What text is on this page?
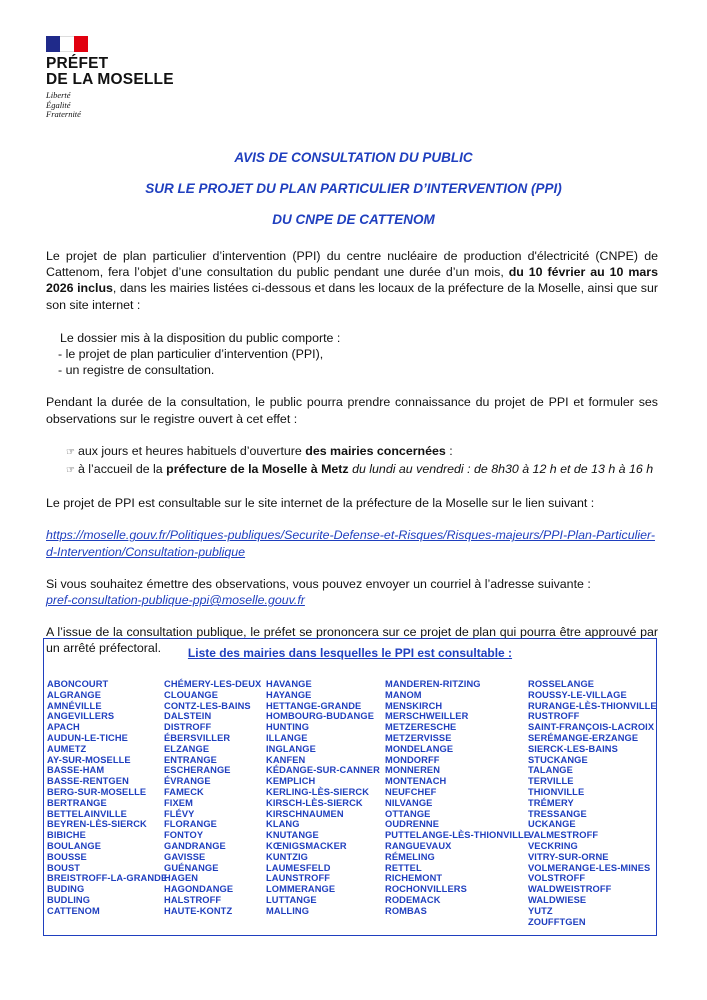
PRÉFET
DE LA MOSELLE
Liberté
Égalité
Fraternité
AVIS DE CONSULTATION DU PUBLIC
SUR LE PROJET DU PLAN PARTICULIER D’INTERVENTION (PPI)
DU CNPE DE CATTENOM

Le projet de plan particulier d’intervention (PPI) du centre nucléaire de production d'électricité (CNPE) de Cattenom, fera l’objet d’une consultation du public pendant une durée d’un mois, du 10 février au 10 mars 2026 inclus, dans les mairies listées ci-dessous et dans les locaux de la préfecture de la Moselle, ainsi que sur son site internet :

Le dossier mis à la disposition du public comporte :

- le projet de plan particulier d’intervention (PPI),

- un registre de consultation.

Pendant la durée de la consultation, le public pourra prendre connaissance du projet de PPI et formuler ses observations sur le registre ouvert à cet effet :

☞ aux jours et heures habituels d’ouverture des mairies concernées :

☞ à l’accueil de la préfecture de la Moselle à Metz du lundi au vendredi : de 8h30 à 12 h et de 13 h à 16 h

Le projet de PPI est consultable sur le site internet de la préfecture de la Moselle sur le lien suivant :

https://moselle.gouv.fr/Politiques-publiques/Securite-Defense-et-Risques/Risques-majeurs/PPI-Plan-Particulier-d-Intervention/Consultation-publique

Si vous souhaitez émettre des observations, vous pouvez envoyer un courriel à l’adresse suivante :

pref-consultation-publique-ppi@moselle.gouv.fr

A l’issue de la consultation publique, le préfet se prononcera sur ce projet de plan qui pourra être approuvé par un arrêté préfectoral.	Liste des mairies dans lesquelles le PPI est consultable :
ABONCOURT
ALGRANGE
AMNÉVILLE
ANGEVILLERS
APACH
AUDUN-LE-TICHE
AUMETZ
AY-SUR-MOSELLE
BASSE-HAM
BASSE-RENTGEN
BERG-SUR-MOSELLE
BERTRANGE
BETTELAINVILLE
BEYREN-LÈS-SIERCK
BIBICHE
BOULANGE
BOUSSE
BOUST
BREISTROFF-LA-GRANDE
BUDING
BUDLING
CATTENOM
CHÉMERY-LES-DEUX
CLOUANGE
CONTZ-LES-BAINS
DALSTEIN
DISTROFF
ÉBERSVILLER
ELZANGE
ENTRANGE
ESCHERANGE
ÉVRANGE
FAMECK
FIXEM
FLÉVY
FLORANGE
FONTOY
GANDRANGE
GAVISSE
GUÉNANGE
HAGEN
HAGONDANGE
HALSTROFF
HAUTE-KONTZ
HAVANGE
HAYANGE
HETTANGE-GRANDE
HOMBOURG-BUDANGE
HUNTING
ILLANGE
INGLANGE
KANFEN
KÉDANGE-SUR-CANNER
KEMPLICH
KERLING-LÈS-SIERCK
KIRSCH-LÈS-SIERCK
KIRSCHNAUMEN
KLANG
KNUTANGE
KŒNIGSMACKER
KUNTZIG
LAUMESFELD
LAUNSTROFF
LOMMERANGE
LUTTANGE
MALLING
MANDEREN-RITZING
MANOM
MENSKIRCH
MERSCHWEILLER
METZERESCHE
METZERVISSE
MONDELANGE
MONDORFF
MONNEREN
MONTENACH
NEUFCHEF
NILVANGE
OTTANGE
OUDRENNE
PUTTELANGE-LÈS-THIONVILLE
RANGUEVAUX
RÉMELING
RETTEL
RICHEMONT
ROCHONVILLERS
RODEMACK
ROMBAS
ROSSELANGE
ROUSSY-LE-VILLAGE
RURANGE-LÈS-THIONVILLE
RUSTROFF
SAINT-FRANÇOIS-LACROIX
SERÉMANGE-ERZANGE
SIERCK-LES-BAINS
STUCKANGE
TALANGE
TERVILLE
THIONVILLE
TRÉMERY
TRESSANGE
UCKANGE
VALMESTROFF
VECKRING
VITRY-SUR-ORNE
VOLMERANGE-LES-MINES
VOLSTROFF
WALDWEISTROFF
WALDWIESE
YUTZ
ZOUFFTGEN
